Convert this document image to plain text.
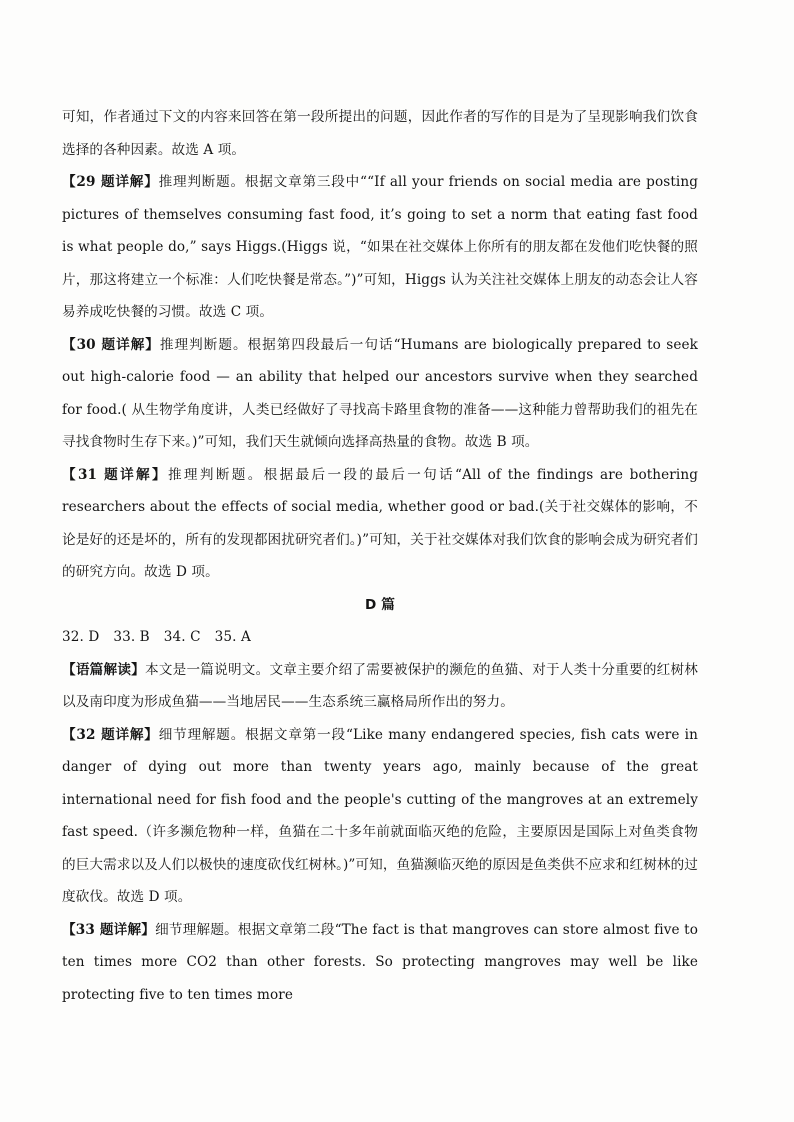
可知，作者通过下文的内容来回答在第一段所提出的问题，因此作者的写作的目是为了呈现影响我们饮食选择的各种因素。故选 A 项。

【29 题详解】推理判断题。根据文章第三段中““If all your friends on social media are posting pictures of themselves consuming fast food, it’s going to set a norm that eating fast food is what people do,” says Higgs.(Higgs 说，“如果在社交媒体上你所有的朋友都在发他们吃快餐的照片，那这将建立一个标准：人们吃快餐是常态。”)”可知，Higgs 认为关注社交媒体上朋友的动态会让人容易养成吃快餐的习惯。故选 C 项。

【30 题详解】推理判断题。根据第四段最后一句话“Humans are biologically prepared to seek out high-calorie food — an ability that helped our ancestors survive when they searched for food.( 从生物学角度讲，人类已经做好了寻找高卡路里食物的准备——这种能力曾帮助我们的祖先在寻找食物时生存下来。)”可知，我们天生就倾向选择高热量的食物。故选 B 项。

【31 题详解】推理判断题。根据最后一段的最后一句话“All of the findings are bothering researchers about the effects of social media, whether good or bad.(关于社交媒体的影响，不论是好的还是坏的，所有的发现都困扰研究者们。)”可知，关于社交媒体对我们饮食的影响会成为研究者们的研究方向。故选 D 项。

D 篇

32. D 33. B 34. C 35. A

【语篇解读】本文是一篇说明文。文章主要介绍了需要被保护的濒危的鱼猫、对于人类十分重要的红树林以及南印度为形成鱼猫——当地居民——生态系统三赢格局所作出的努力。

【32 题详解】细节理解题。根据文章第一段“Like many endangered species, fish cats were in danger of dying out more than twenty years ago, mainly because of the great international need for fish food and the people's cutting of the mangroves at an extremely fast speed.（许多濒危物种一样，鱼猫在二十多年前就面临灭绝的危险，主要原因是国际上对鱼类食物的巨大需求以及人们以极快的速度砍伐红树林。)”可知，鱼猫濒临灭绝的原因是鱼类供不应求和红树林的过度砍伐。故选 D 项。

【33 题详解】细节理解题。根据文章第二段“The fact is that mangroves can store almost five to ten times more CO2 than other forests. So protecting mangroves may well be like protecting five to ten times more
